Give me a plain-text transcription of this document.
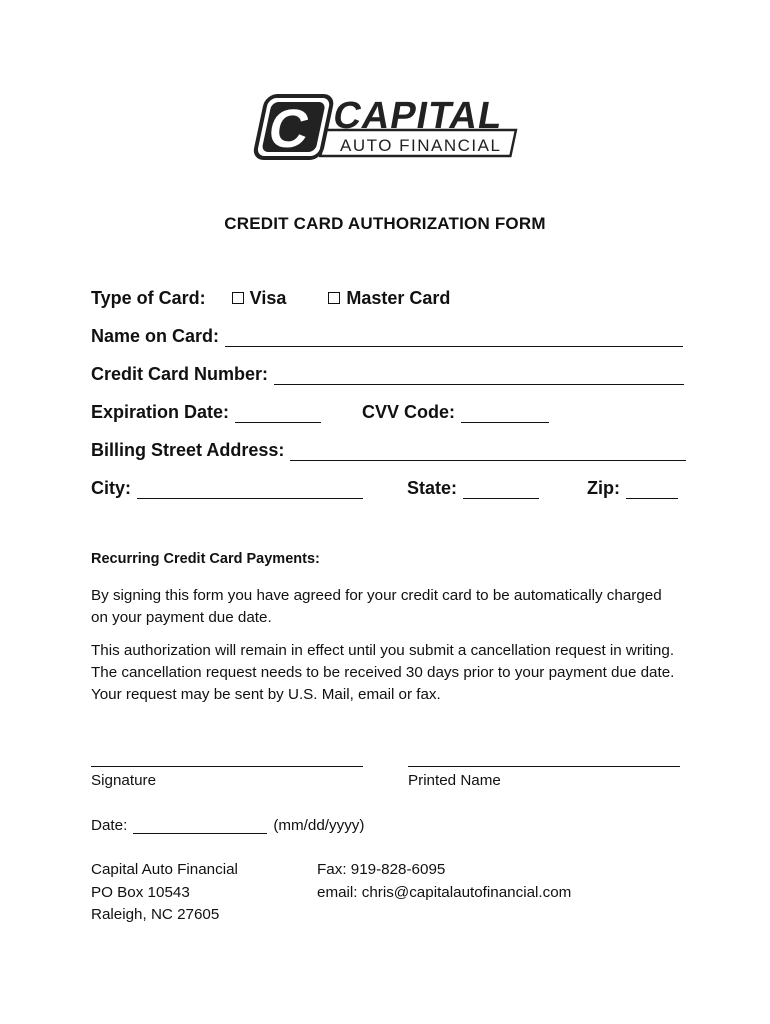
C CAPITAL
AUTO FINANCIAL
CREDIT CARD AUTHORIZATION FORM
Type of Card: Visa	Master Card
Name on Card:
Credit Card Number:
Expiration Date:	CVV Code:
Billing Street Address:
City:	State:	Zip:
Recurring Credit Card Payments:
By signing this form you have agreed for your credit card to be automatically charged on your payment due date.
This authorization will remain in effect until you submit a cancellation request in writing. The cancellation request needs to be received 30 days prior to your payment due date. Your request may be sent by U.S. Mail, email or fax.
Signature	Printed Name
Date:	(mm/dd/yyyy)
Capital Auto Financial
PO Box 10543
Raleigh, NC 27605
Fax: 919-828-6095
email: chris@capitalautofinancial.com
